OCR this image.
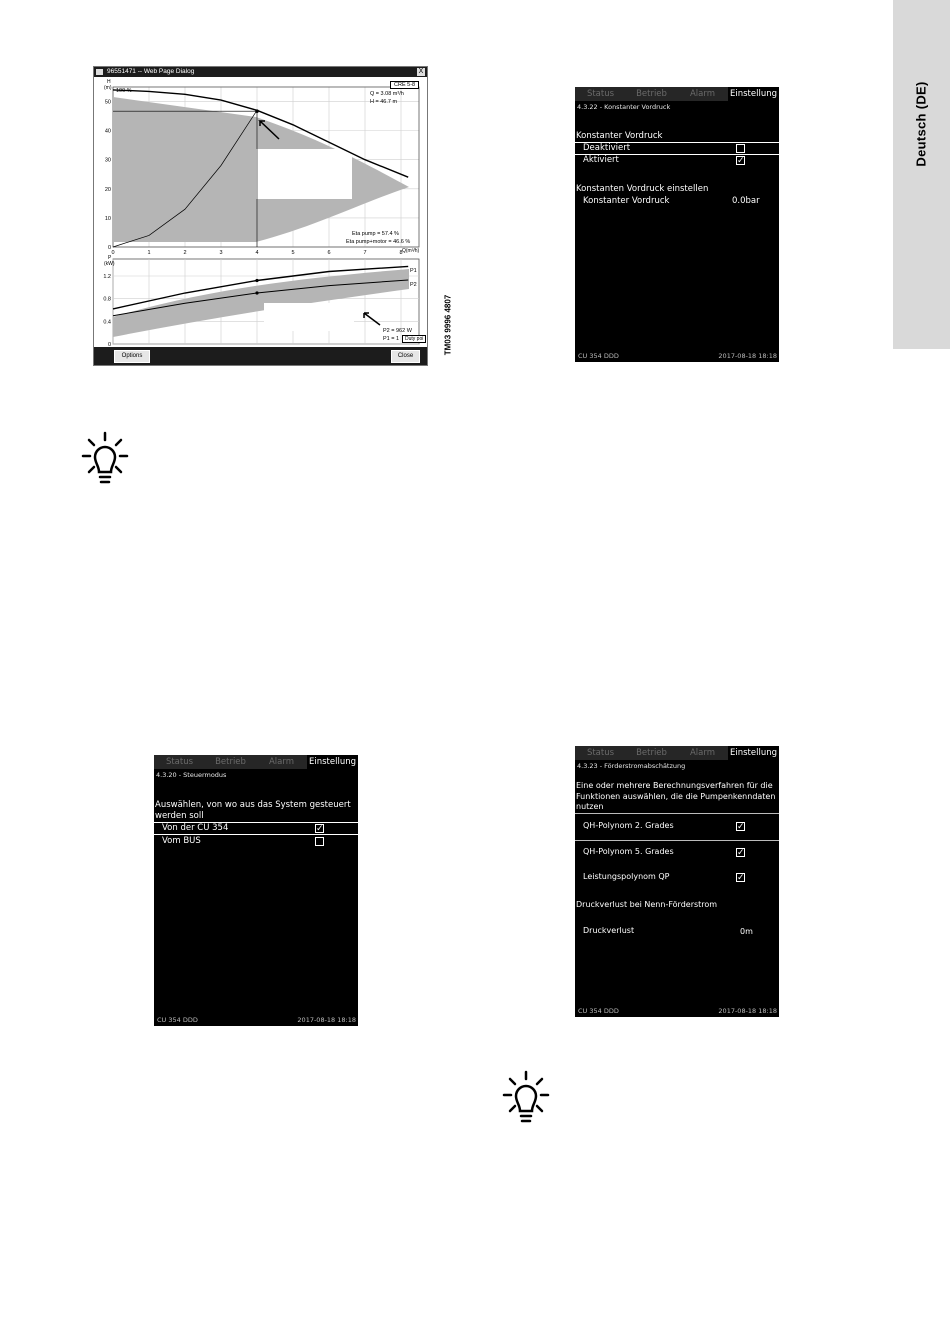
Deutsch (DE)
96551471 -- Web Page Dialog	X
0	1	2	3	4	5	6	7	8
0
10
20
30
40
50
0
0.4
0.8
1.2
CRE 5-8
Q = 3.08 m³/h
H = 46.7 m
H
(m) 100 %
Eta pump = 57.4 %
Eta pump+motor = 46.6 %
Q(m³/h)
P
(kW)
P1
P2
P2 = 962 W
P1 = 1	Duty poi
Options	Close
TM03 9996 4807
Status	Betrieb	Alarm	Einstellung
4.3.22 - Konstanter Vordruck
Konstanter Vordruck
Deaktiviert
Aktiviert	✓
Konstanten Vordruck einstellen
Konstanter Vordruck	0.0bar
CU 354 DDD	2017-08-18 18:18
Status	Betrieb	Alarm	Einstellung
4.3.20 - Steuermodus
Auswählen, von wo aus das System gesteuert werden soll
Von der CU 354	✓
Vom BUS
CU 354 DDD	2017-08-18 18:18
Status	Betrieb	Alarm	Einstellung
4.3.23 - Förderstromabschätzung
Eine oder mehrere Berechnungsverfahren für die Funktionen auswählen, die die Pumpenkenndaten nutzen
QH-Polynom 2. Grades	✓
QH-Polynom 5. Grades	✓
Leistungspolynom QP	✓
Druckverlust bei Nenn-Förderstrom
Druckverlust	0m
CU 354 DDD	2017-08-18 18:18
